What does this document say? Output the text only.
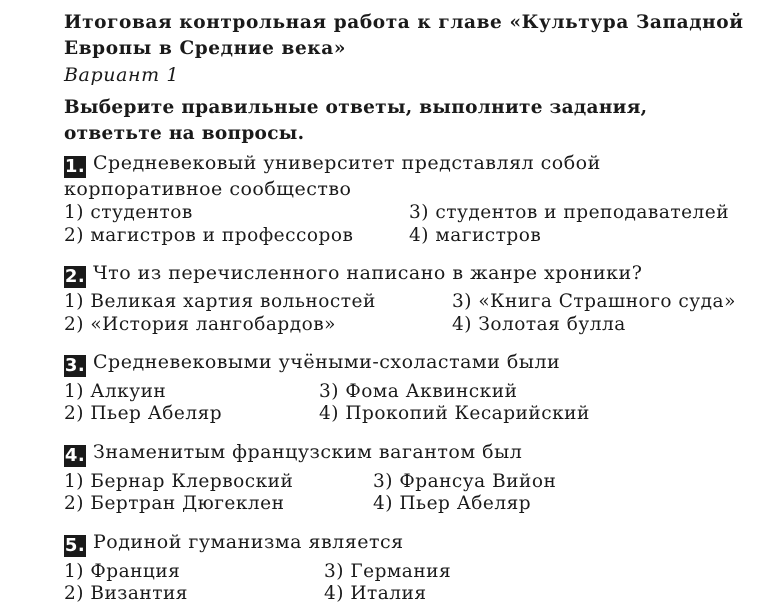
Итоговая контрольная работа к главе «Культура Западной Европы в Средние века»

Вариант 1

Выберите правильные ответы, выполните задания, ответьте на вопросы.

1. Средневековый университет представлял собой корпоративное сообщество
1) студентов	3) студентов и преподавателей
2) магистров и профессоров	4) магистров
2. Что из перечисленного написано в жанре хроники?
1) Великая хартия вольностей	3) «Книга Страшного суда»
2) «История лангобардов»	4) Золотая булла
3. Средневековыми учёными-схоластами были
1) Алкуин	3) Фома Аквинский
2) Пьер Абеляр	4) Прокопий Кесарийский
4. Знаменитым французским вагантом был
1) Бернар Клервоский	3) Франсуа Вийон
2) Бертран Дюгеклен	4) Пьер Абеляр
5. Родиной гуманизма является
1) Франция	3) Германия
2) Византия	4) Италия
